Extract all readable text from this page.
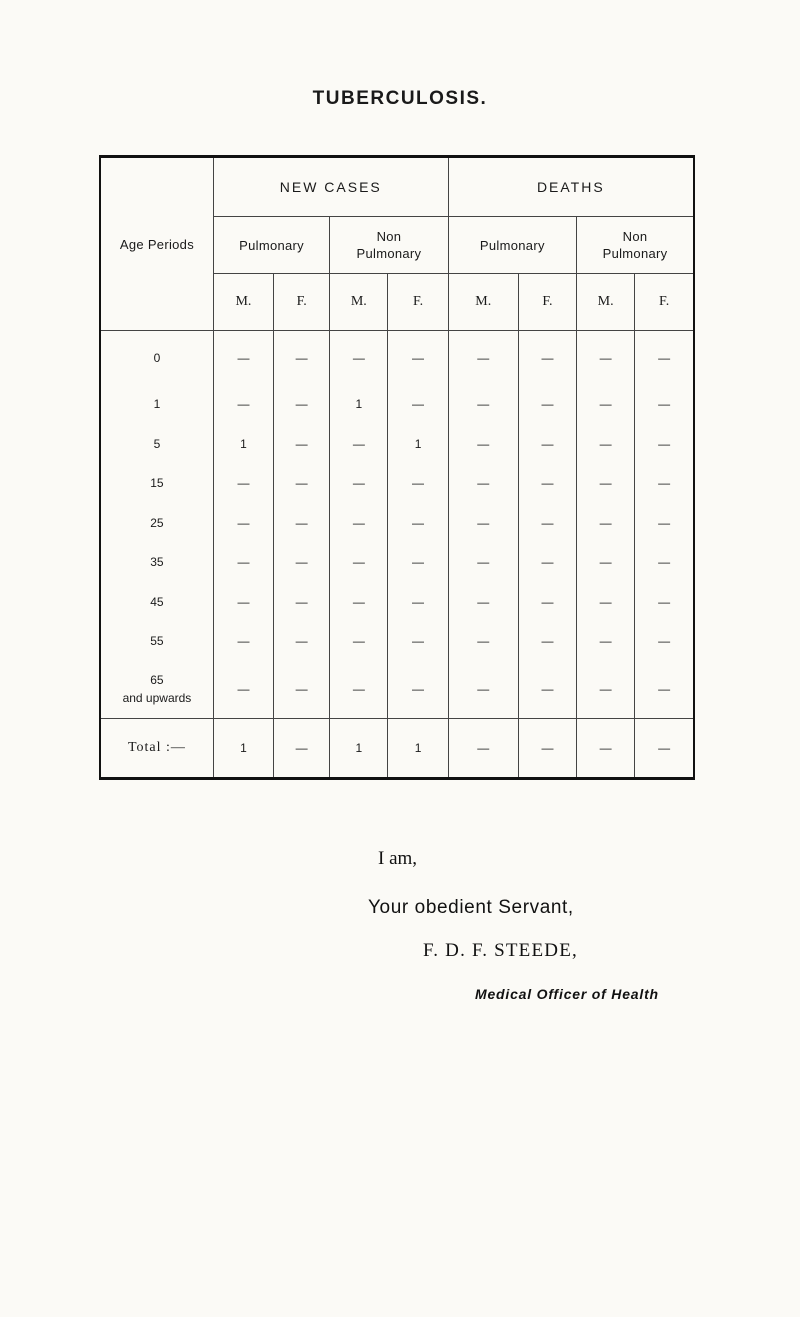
TUBERCULOSIS.
Age Periods	NEW CASES				DEATHS			
	Pulmonary		Non Pulmonary		Pulmonary		Non Pulmonary	
	M.	F.	M.	F.	M.	F.	M.	F.
0	—	—	—	—	—	—	—	—
1	—	—	1	—	—	—	—	—
5	1	—	—	1	—	—	—	—
15	—	—	—	—	—	—	—	—
25	—	—	—	—	—	—	—	—
35	—	—	—	—	—	—	—	—
45	—	—	—	—	—	—	—	—
55	—	—	—	—	—	—	—	—
65
and upwards	—	—	—	—	—	—	—	—
Total :—	1	—	1	1	—	—	—	—
I am,
Your obedient Servant,
F. D. F. STEEDE,
Medical Officer of Health
